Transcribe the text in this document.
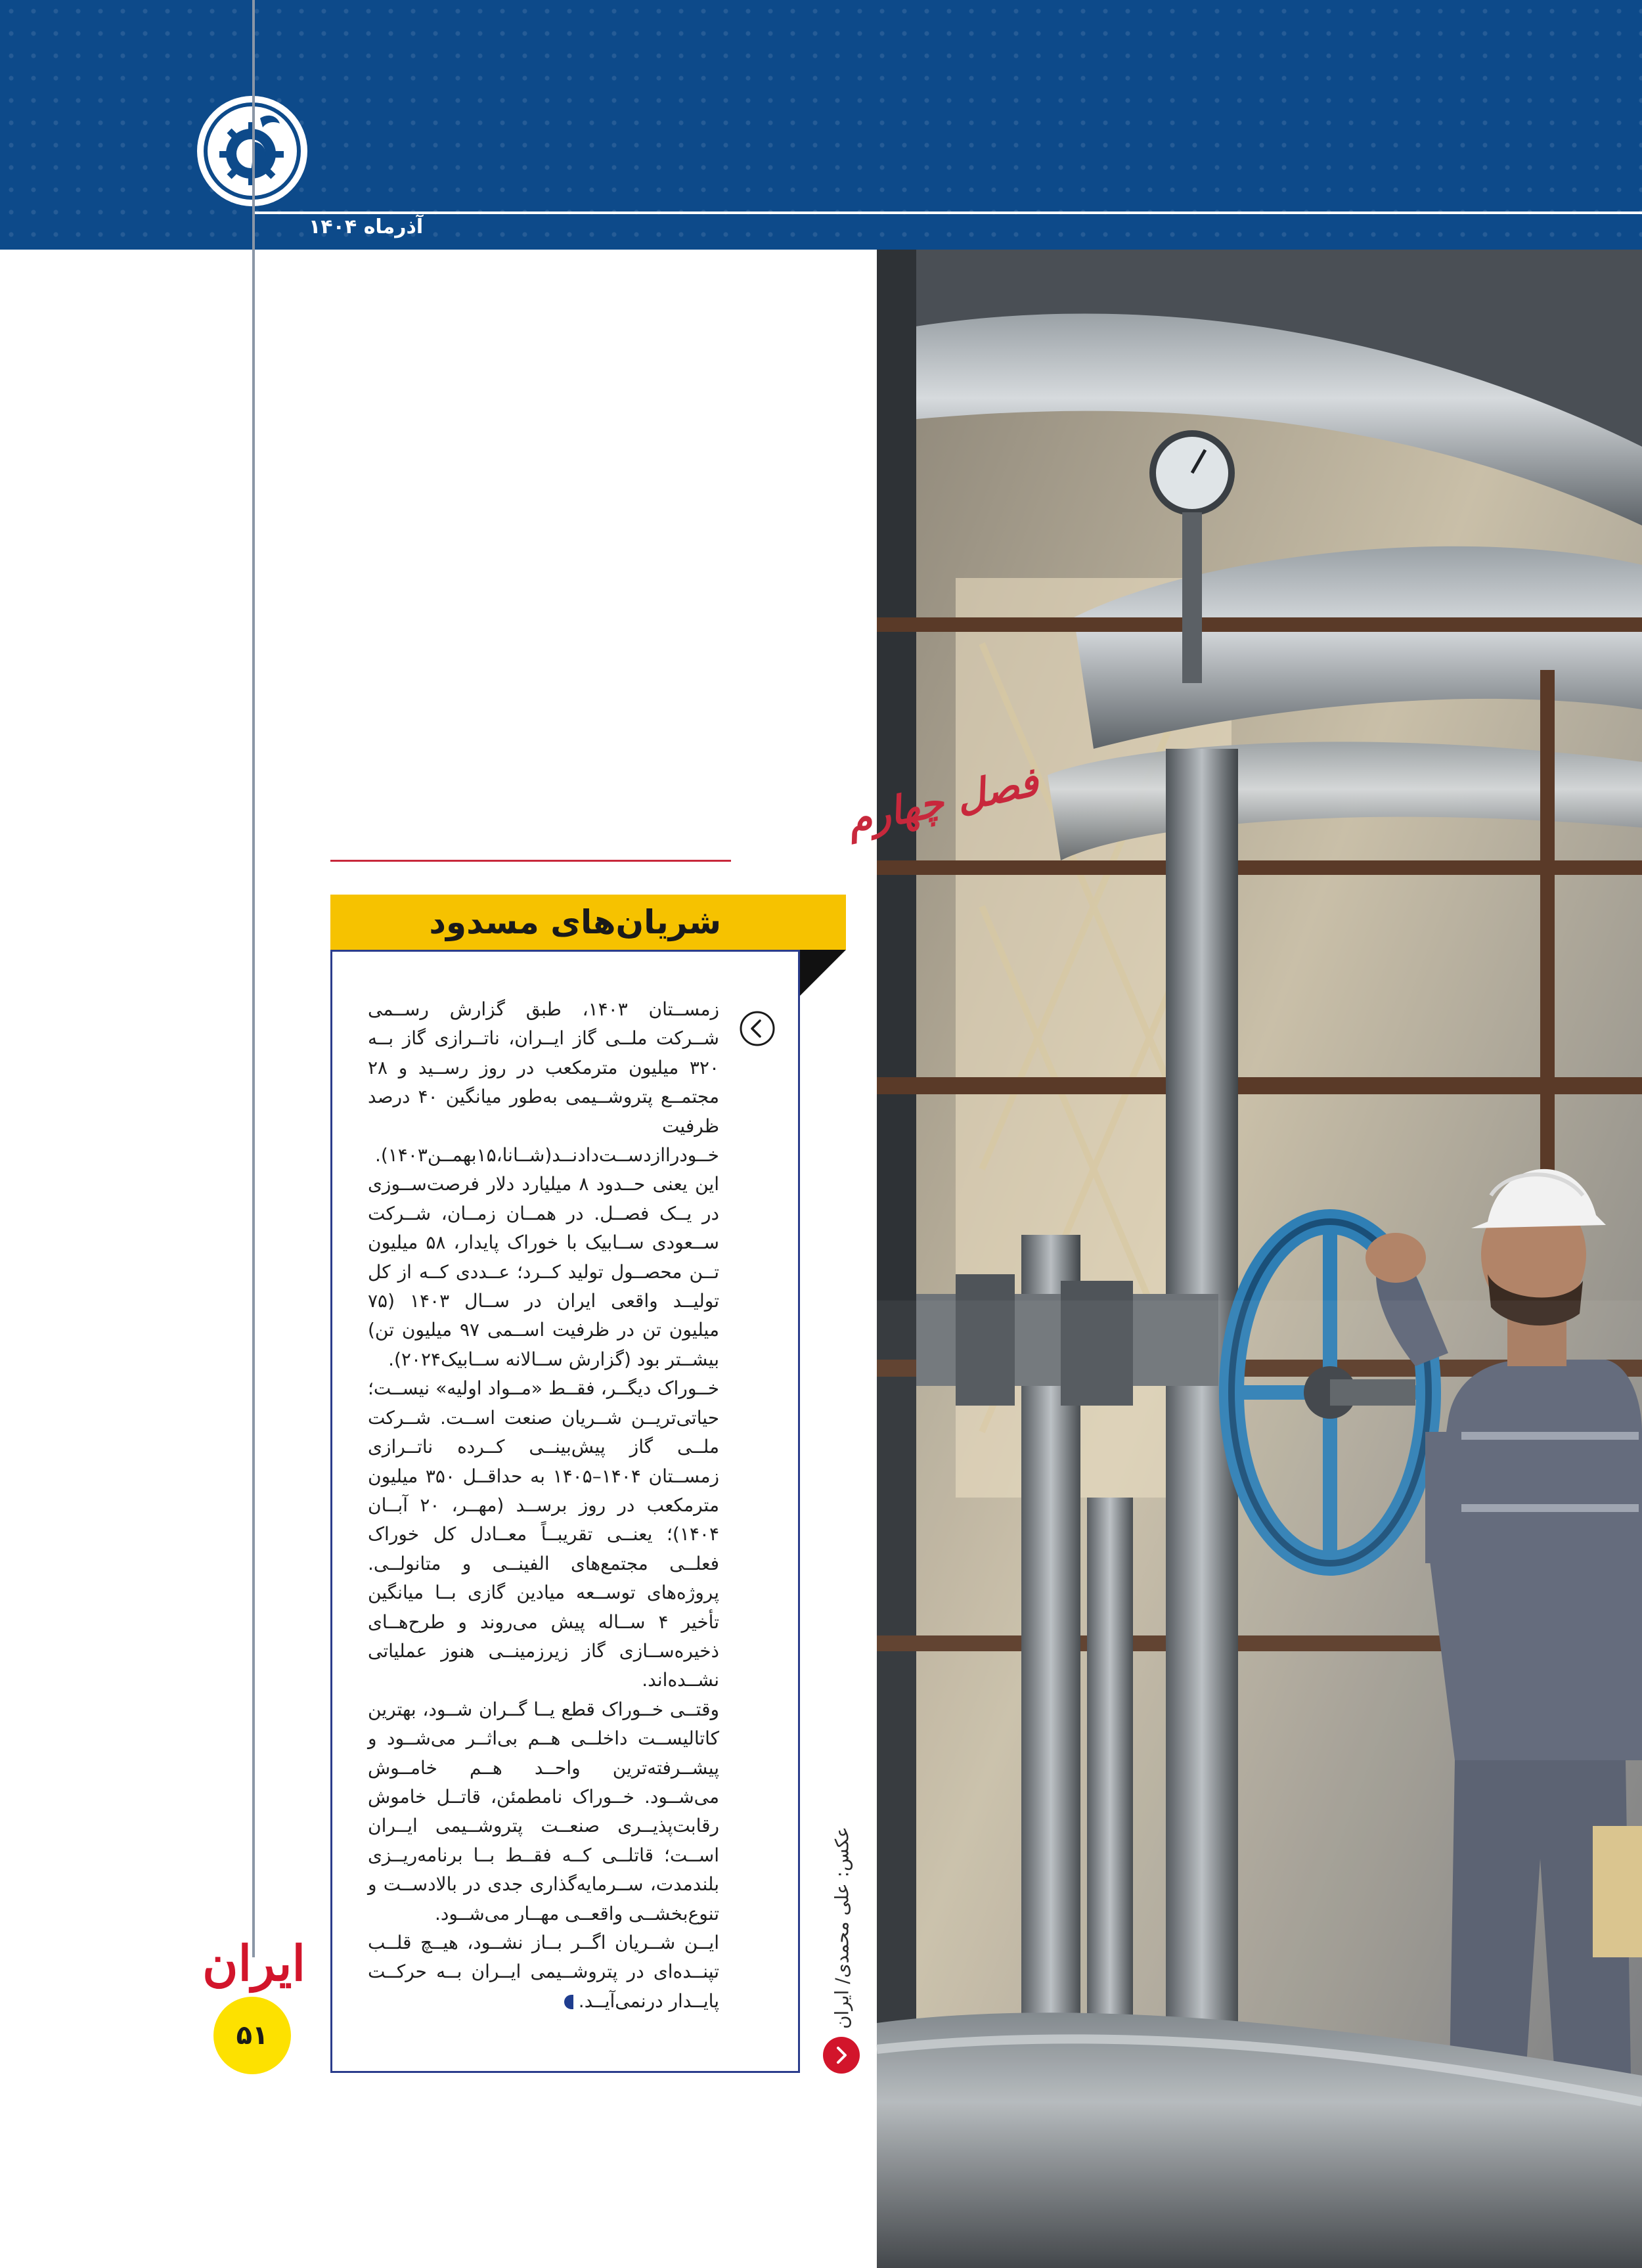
آذرماه ۱۴۰۴
فصل چهارم
شریان‌های مسدود

زمســتان ۱۴۰۳، طبق گزارش رســمی شــرکت ملــی گاز ایــران، ناتــرازی گاز بــه ۳۲۰ میلیون مترمکعب در روز رســید و ۲۸ مجتمــع پتروشــیمی به‌طور میانگین ۴۰ درصد ظرفیت خــودرا‌ازدســت‌دادنــد(شــانا،۱۵بهمــن۱۴۰۳). این یعنی حــدود ۸ میلیارد دلار فرصت‌ســوزی در یــک فصــل. در همــان زمــان، شــرکت ســعودی ســابیک با خوراک پایدار، ۵۸ میلیون تــن محصــول تولید کــرد؛ عــددی کــه از کل تولیــد واقعی ایران در ســال ۱۴۰۳ (۷۵ میلیون تن در ظرفیت اســمی ۹۷ میلیون تن) بیشــتر بود (گزارش ســالانه ســابیک۲۰۲۴).

خــوراک دیگــر، فقــط «مــواد اولیه» نیســت؛ حیاتی‌تریــن شــریان صنعت اســت. شــرکت ملــی گاز پیش‌بینــی کــرده ناتــرازی زمســتان ۱۴۰۴–۱۴۰۵ به حداقــل ۳۵۰ میلیون مترمکعب در روز برســد (مهــر، ۲۰ آبــان ۱۴۰۴)؛ یعنــی تقریبــاً معــادل کل خوراک فعلــی مجتمع‌های الفینــی و متانولــی. پروژه‌های توســعه میادین گازی بــا میانگین تأخیر ۴ ســاله پیش می‌روند و طرح‌هــای ذخیره‌ســازی گاز زیرزمینــی هنوز عملیاتی نشــده‌اند.

وقتــی خــوراک قطع یــا گــران شــود، بهترین کاتالیســت داخلــی هــم بی‌اثــر می‌شــود و پیشــرفته‌ترین واحــد هــم خامــوش می‌شــود. خــوراک نامطمئن، قاتــل خاموش رقابت‌پذیــری صنعــت پتروشــیمی ایــران اســت؛ قاتلــی کــه فقــط بــا برنامه‌ریــزی بلندمدت، ســرمایه‌گذاری جدی در بالادســت و تنوع‌بخشــی واقعــی مهــار می‌شــود.

ایــن شــریان اگــر بــاز نشــود، هیــچ قلــب تپنــده‌ای در پتروشــیمی ایــران بــه حرکــت پایــدار درنمی‌آیــد.	عکس: علی محمدی/ ایران
ایران
۵۱
